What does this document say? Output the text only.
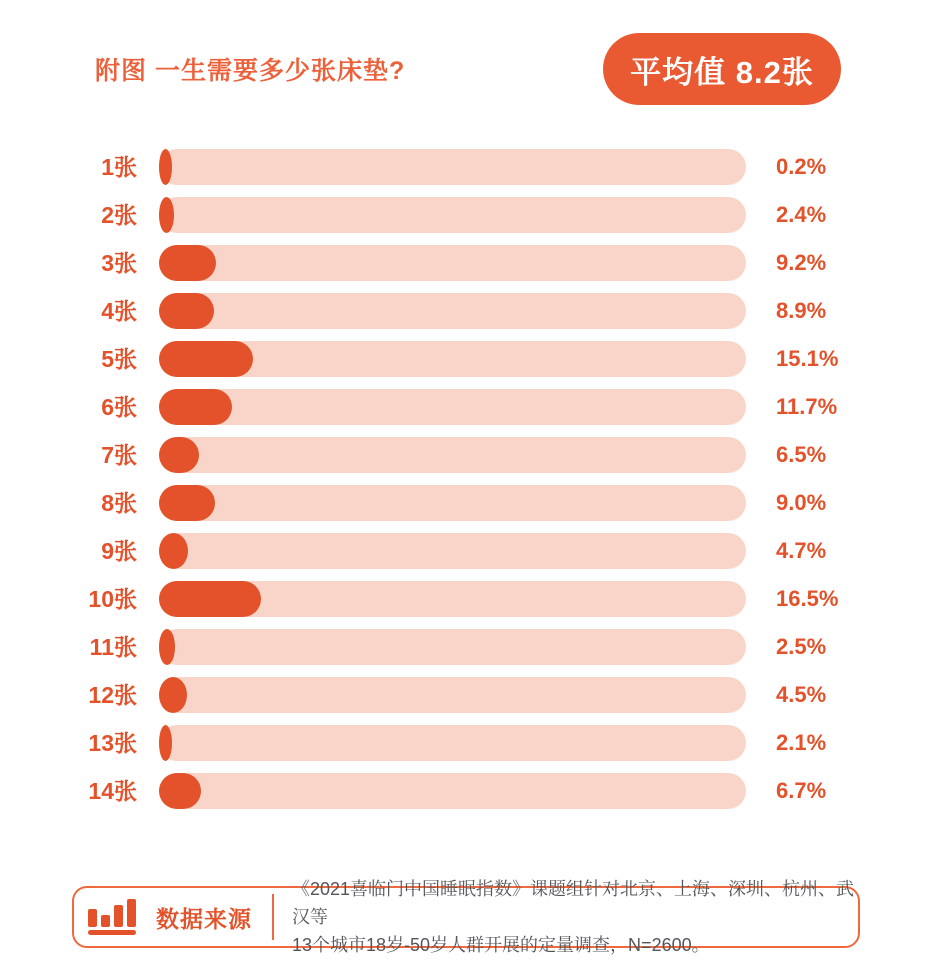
附图 一生需要多少张床垫?	平均值 8.2张
1张	0.2%
2张	2.4%
3张	9.2%
4张	8.9%
5张	15.1%
6张	11.7%
7张	6.5%
8张	9.0%
9张	4.7%
10张	16.5%
11张	2.5%
12张	4.5%
13张	2.1%
14张	6.7%
数据来源

《2021喜临门中国睡眠指数》课题组针对北京、上海、深圳、杭州、武汉等
13个城市18岁-50岁人群开展的定量调查，N=2600。
